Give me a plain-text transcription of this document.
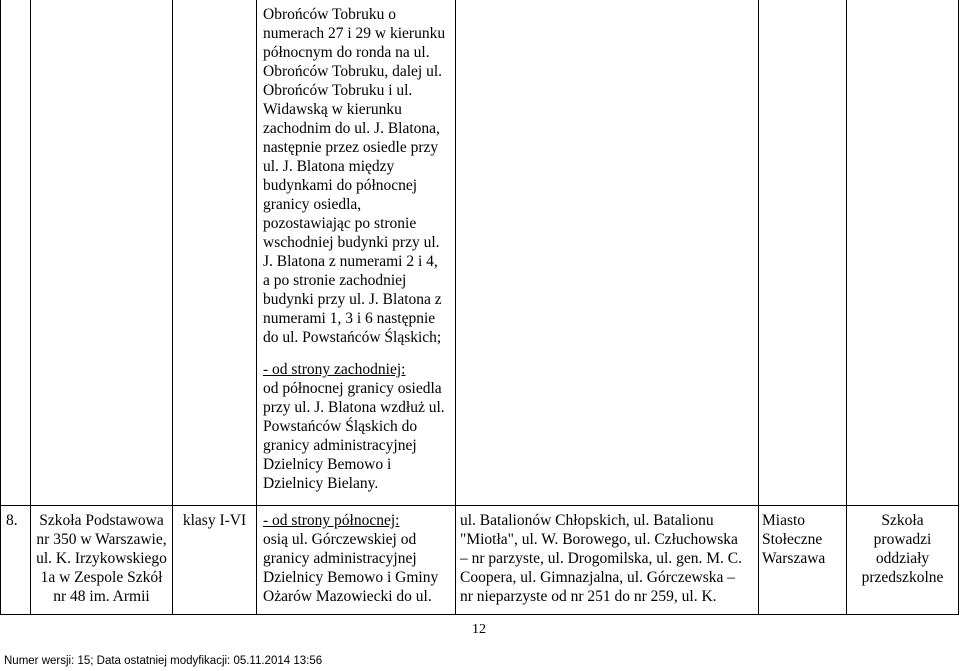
Obrońców Tobruku o
numerach 27 i 29 w kierunku
północnym do ronda na ul.
Obrońców Tobruku, dalej ul.
Obrońców Tobruku i ul.
Widawską w kierunku
zachodnim do ul. J. Blatona,
następnie przez osiedle przy
ul. J. Blatona między
budynkami do północnej
granicy osiedla,
pozostawiając po stronie
wschodniej budynki przy ul.
J. Blatona z numerami 2 i 4,
a po stronie zachodniej
budynki przy ul. J. Blatona z
numerami 1, 3 i 6 następnie
do ul. Powstańców Śląskich;
- od strony zachodniej:
od północnej granicy osiedla
przy ul. J. Blatona wzdłuż ul.
Powstańców Śląskich do
granicy administracyjnej
Dzielnicy Bemowo i
Dzielnicy Bielany.
8.	Szkoła Podstawowa
nr 350 w Warszawie,
ul. K. Irzykowskiego
1a w Zespole Szkół
nr 48 im. Armii
klasy I-VI	- od strony północnej:
osią ul. Górczewskiej od
granicy administracyjnej
Dzielnicy Bemowo i Gminy
Ożarów Mazowiecki do ul.
ul. Batalionów Chłopskich, ul. Batalionu
"Miotła", ul. W. Borowego, ul. Człuchowska
– nr parzyste, ul. Drogomilska, ul. gen. M. C.
Coopera, ul. Gimnazjalna, ul. Górczewska –
nr nieparzyste od nr 251 do nr 259, ul. K.
Miasto
Stołeczne
Warszawa
Szkoła
prowadzi
oddziały
przedszkolne
12
Numer wersji: 15; Data ostatniej modyfikacji: 05.11.2014 13:56
